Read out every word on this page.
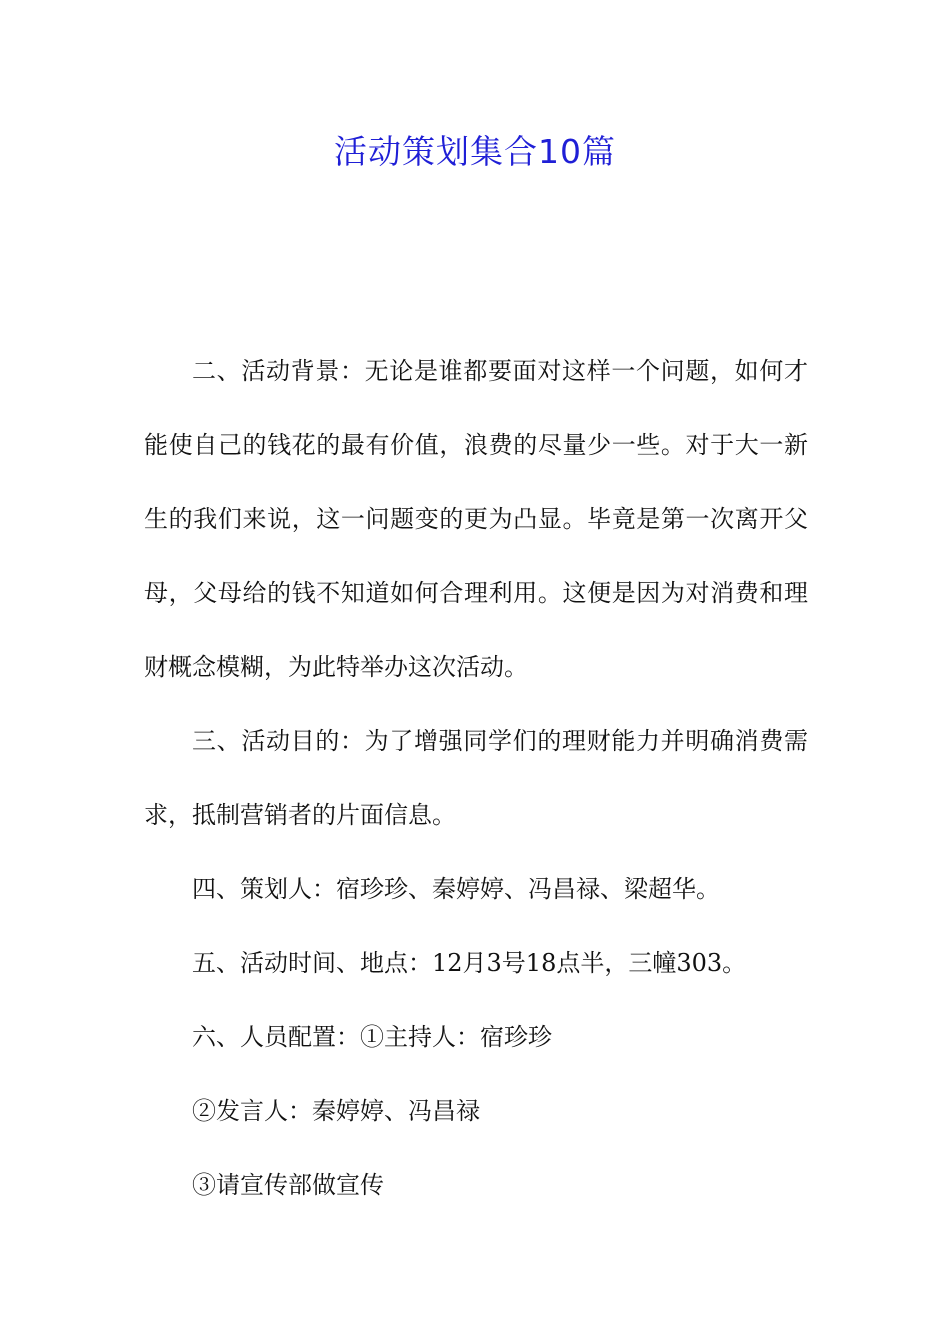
活动策划集合10篇

二、活动背景：无论是谁都要面对这样一个问题，如何才能使自己的钱花的最有价值，浪费的尽量少一些。对于大一新生的我们来说，这一问题变的更为凸显。毕竟是第一次离开父母，父母给的钱不知道如何合理利用。这便是因为对消费和理财概念模糊，为此特举办这次活动。

三、活动目的：为了增强同学们的理财能力并明确消费需求，抵制营销者的片面信息。

四、策划人：宿珍珍、秦婷婷、冯昌禄、梁超华。

五、活动时间、地点：12月3号18点半，三幢303。

六、人员配置：①主持人：宿珍珍

②发言人：秦婷婷、冯昌禄

③请宣传部做宣传
